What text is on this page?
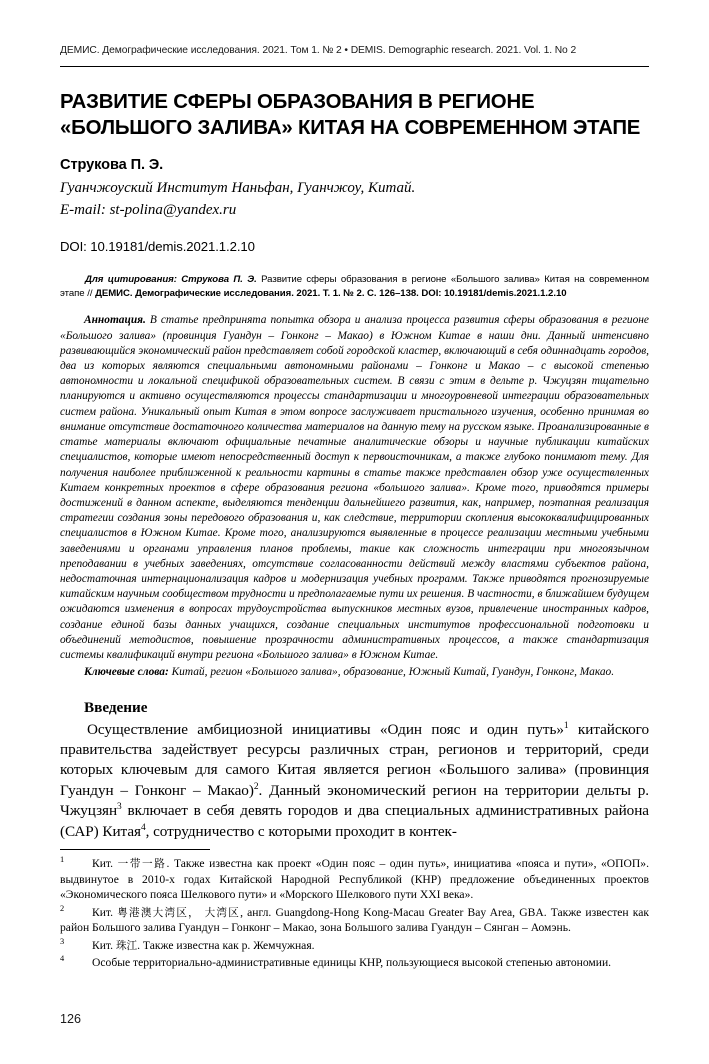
ДЕМИС. Демографические исследования. 2021. Том 1. № 2 • DEMIS. Demographic research. 2021. Vol. 1. No 2
РАЗВИТИЕ СФЕРЫ ОБРАЗОВАНИЯ В РЕГИОНЕ
«БОЛЬШОГО ЗАЛИВА» КИТАЯ НА СОВРЕМЕННОМ ЭТАПЕ
Струкова П. Э.
Гуанчжоуский Институт Наньфан, Гуанчжоу, Китай.
E-mail: st-polina@yandex.ru
DOI: 10.19181/demis.2021.1.2.10
Для цитирования: Струкова П. Э. Развитие сферы образования в регионе «Большого залива» Китая на современном этапе // ДЕМИС. Демографические исследования. 2021. Т. 1. № 2. С. 126–138. DOI: 10.19181/demis.2021.1.2.10

Аннотация. В статье предпринята попытка обзора и анализа процесса развития сферы образования в регионе «Большого залива» (провинция Гуандун – Гонконг – Макао) в Южном Китае в наши дни. Данный интенсивно развивающийся экономический район представляет собой городской кластер, включающий в себя одиннадцать городов, два из которых являются специальными автономными районами – Гонконг и Макао – с высокой степенью автономности и локальной спецификой образовательных систем. В связи с этим в дельте р. Чжуцзян тщательно планируются и активно осуществляются процессы стандартизации и многоуровневой интеграции образовательных систем района. Уникальный опыт Китая в этом вопросе заслуживает пристального изучения, особенно принимая во внимание отсутствие достаточного количества материалов на данную тему на русском языке. Проанализированные в статье материалы включают официальные печатные аналитические обзоры и научные публикации китайских специалистов, которые имеют непосредственный доступ к первоисточникам, а также глубоко понимают тему. Для получения наиболее приближенной к реальности картины в статье также представлен обзор уже осуществленных Китаем конкретных проектов в сфере образования региона «большого залива». Кроме того, приводятся примеры достижений в данном аспекте, выделяются тенденции дальнейшего развития, как, например, поэтапная реализация стратегии создания зоны передового образования и, как следствие, территории скопления высококвалифицированных специалистов в Южном Китае. Кроме того, анализируются выявленные в процессе реализации местными учебными заведениями и органами управления планов проблемы, такие как сложность интеграции при многоязычном преподавании в учебных заведениях, отсутствие согласованности действий между властями субъектов района, недостаточная интернационализация кадров и модернизация учебных программ. Также приводятся прогнозируемые китайским научным сообществом трудности и предполагаемые пути их решения. В частности, в ближайшем будущем ожидаются изменения в вопросах трудоустройства выпускников местных вузов, привлечение иностранных кадров, создание единой базы данных учащихся, создание специальных институтов профессиональной подготовки и объединений методистов, повышение прозрачности административных процессов, а также стандартизация системы квалификаций внутри региона «Большого залива» в Южном Китае.

Ключевые слова: Китай, регион «Большого залива», образование, Южный Китай, Гуандун, Гонконг, Макао.
Введение
Осуществление амбициозной инициативы «Один пояс и один путь»$^1$ китайского правительства задействует ресурсы различных стран, регионов и территорий, среди которых ключевым для самого Китая является регион «Большого залива» (провинция Гуандун – Гонконг – Макао)$^2$. Данный экономический регион на территории дельты р. Чжуцзян$^3$ включает в себя девять городов и два специальных административных района (САР) Китая$^4$, сотрудничество с которыми проходит в контек-

1 Кит. 一带一路. Также известна как проект «Один пояс – один путь», инициатива «пояса и пути», «ОПОП». выдвинутое в 2010-х годах Китайской Народной Республикой (КНР) предложение объединенных проектов «Экономического пояса Шелкового пути» и «Морского Шелкового пути XXI века».

2 Кит. 粤港澳大湾区， 大湾区, англ. Guangdong-Hong Kong-Macau Greater Bay Area, GBA. Также известен как район Большого залива Гуандун – Гонконг – Макао, зона Большого залива Гуандун – Сянган – Аомэнь.

3 Кит. 珠江. Также известна как р. Жемчужная.

4 Особые территориально-административные единицы КНР, пользующиеся высокой степенью автономии.

126
